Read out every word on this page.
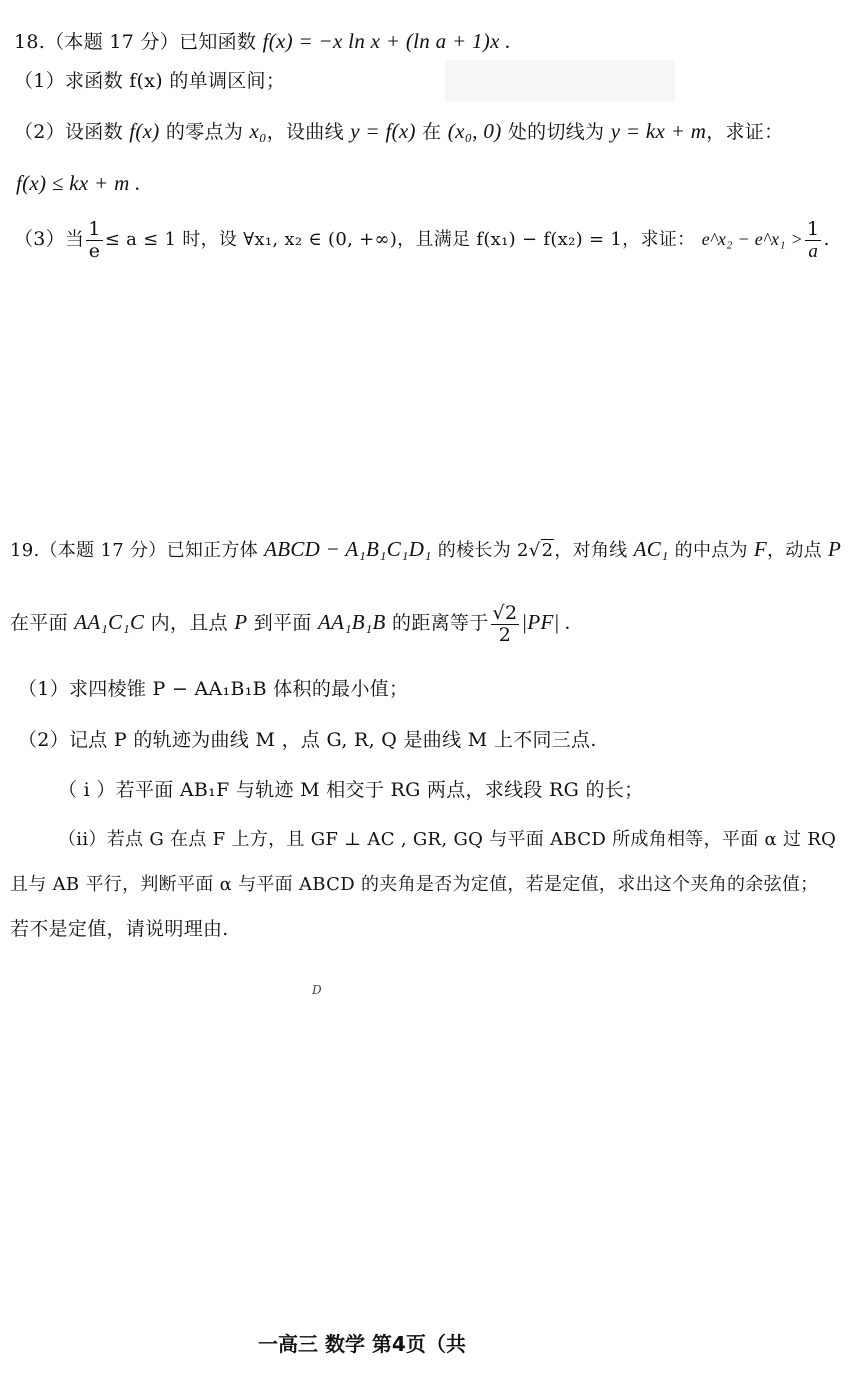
18.（本题 17 分）已知函数 f(x) = −x ln x + (ln a + 1)x .
（1）求函数 f(x) 的单调区间；
（2）设函数 f(x) 的零点为 x₀，设曲线 y = f(x) 在 (x₀, 0) 处的切线为 y = kx + m，求证：
f(x) ≤ kx + m .
（3）当 $\frac{1}{e} \le a \le 1$ 时，设 ∀x₁, x₂ ∈ (0, +∞)，且满足 f(x₁) − f(x₂) = 1，求证： e^x₂ − e^x₁ > $\frac{1}{a}$ .
19.（本题 17 分）已知正方体 ABCD − A₁B₁C₁D₁ 的棱长为 2√2，对角线 AC₁ 的中点为 F，动点 P
在平面 AA₁C₁C 内，且点 P 到平面 AA₁B₁B 的距离等于 $\frac{√2}{2} |PF|$ .
（1）求四棱锥 P − AA₁B₁B 体积的最小值；
（2）记点 P 的轨迹为曲线 M ，点 G, R, Q 是曲线 M 上不同三点.
（ i ）若平面 AB₁F 与轨迹 M 相交于 RG 两点，求线段 RG 的长；
（ii）若点 G 在点 F 上方，且 GF ⊥ AC , GR, GQ 与平面 ABCD 所成角相等，平面 α 过 RQ
且与 AB 平行，判断平面 α 与平面 ABCD 的夹角是否为定值，若是定值，求出这个夹角的余弦值；
若不是定值，请说明理由.
D
一高三 数学 第4页（共
